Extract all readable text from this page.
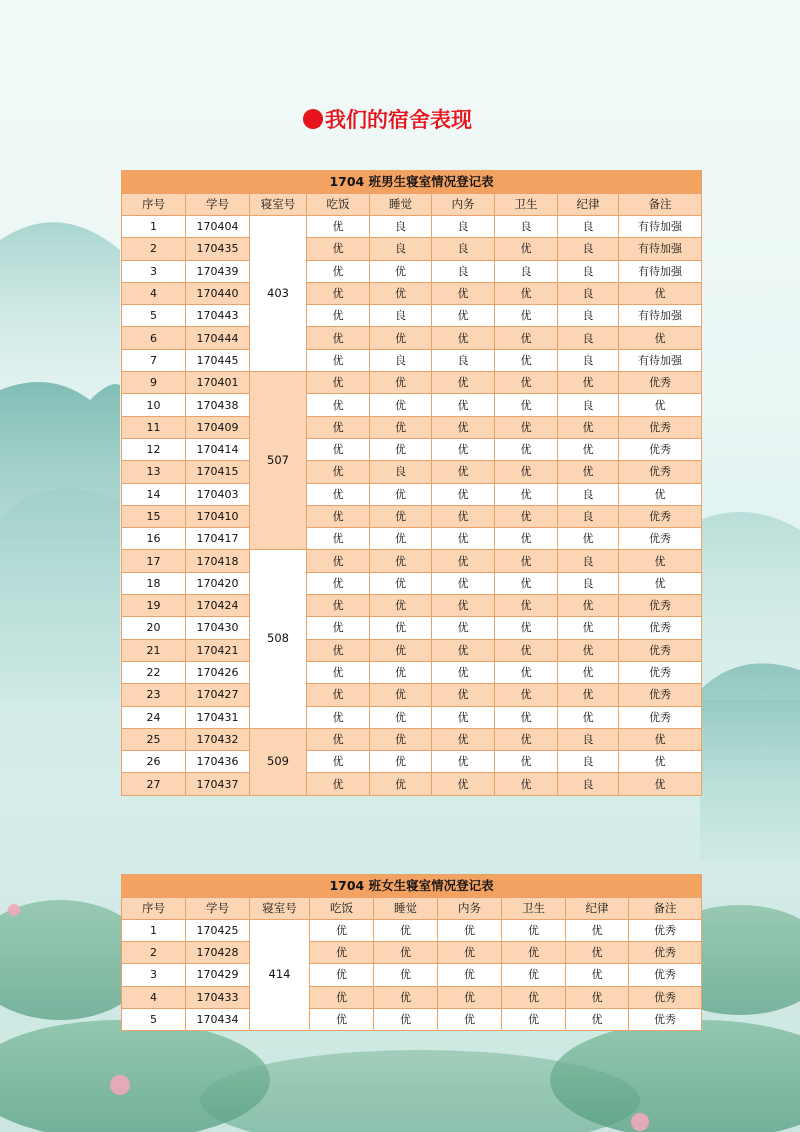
我们的宿舍表现
1704 班男生寝室情况登记表								
序号	学号	寝室号	吃饭	睡觉	内务	卫生	纪律	备注
1	170404	403	优	良	良	良	良	有待加强
2	170435		优	良	良	优	良	有待加强
3	170439		优	优	良	良	良	有待加强
4	170440		优	优	优	优	良	优
5	170443		优	良	优	优	良	有待加强
6	170444		优	优	优	优	良	优
7	170445		优	良	良	优	良	有待加强
9	170401	507	优	优	优	优	优	优秀
10	170438		优	优	优	优	良	优
11	170409		优	优	优	优	优	优秀
12	170414		优	优	优	优	优	优秀
13	170415		优	良	优	优	优	优秀
14	170403		优	优	优	优	良	优
15	170410		优	优	优	优	良	优秀
16	170417		优	优	优	优	优	优秀
17	170418	508	优	优	优	优	良	优
18	170420		优	优	优	优	良	优
19	170424		优	优	优	优	优	优秀
20	170430		优	优	优	优	优	优秀
21	170421		优	优	优	优	优	优秀
22	170426		优	优	优	优	优	优秀
23	170427		优	优	优	优	优	优秀
24	170431		优	优	优	优	优	优秀
25	170432	509	优	优	优	优	良	优
26	170436		优	优	优	优	良	优
27	170437		优	优	优	优	良	优
1704 班女生寝室情况登记表								
序号	学号	寝室号	吃饭	睡觉	内务	卫生	纪律	备注
1	170425	414	优	优	优	优	优	优秀
2	170428		优	优	优	优	优	优秀
3	170429		优	优	优	优	优	优秀
4	170433		优	优	优	优	优	优秀
5	170434		优	优	优	优	优	优秀
